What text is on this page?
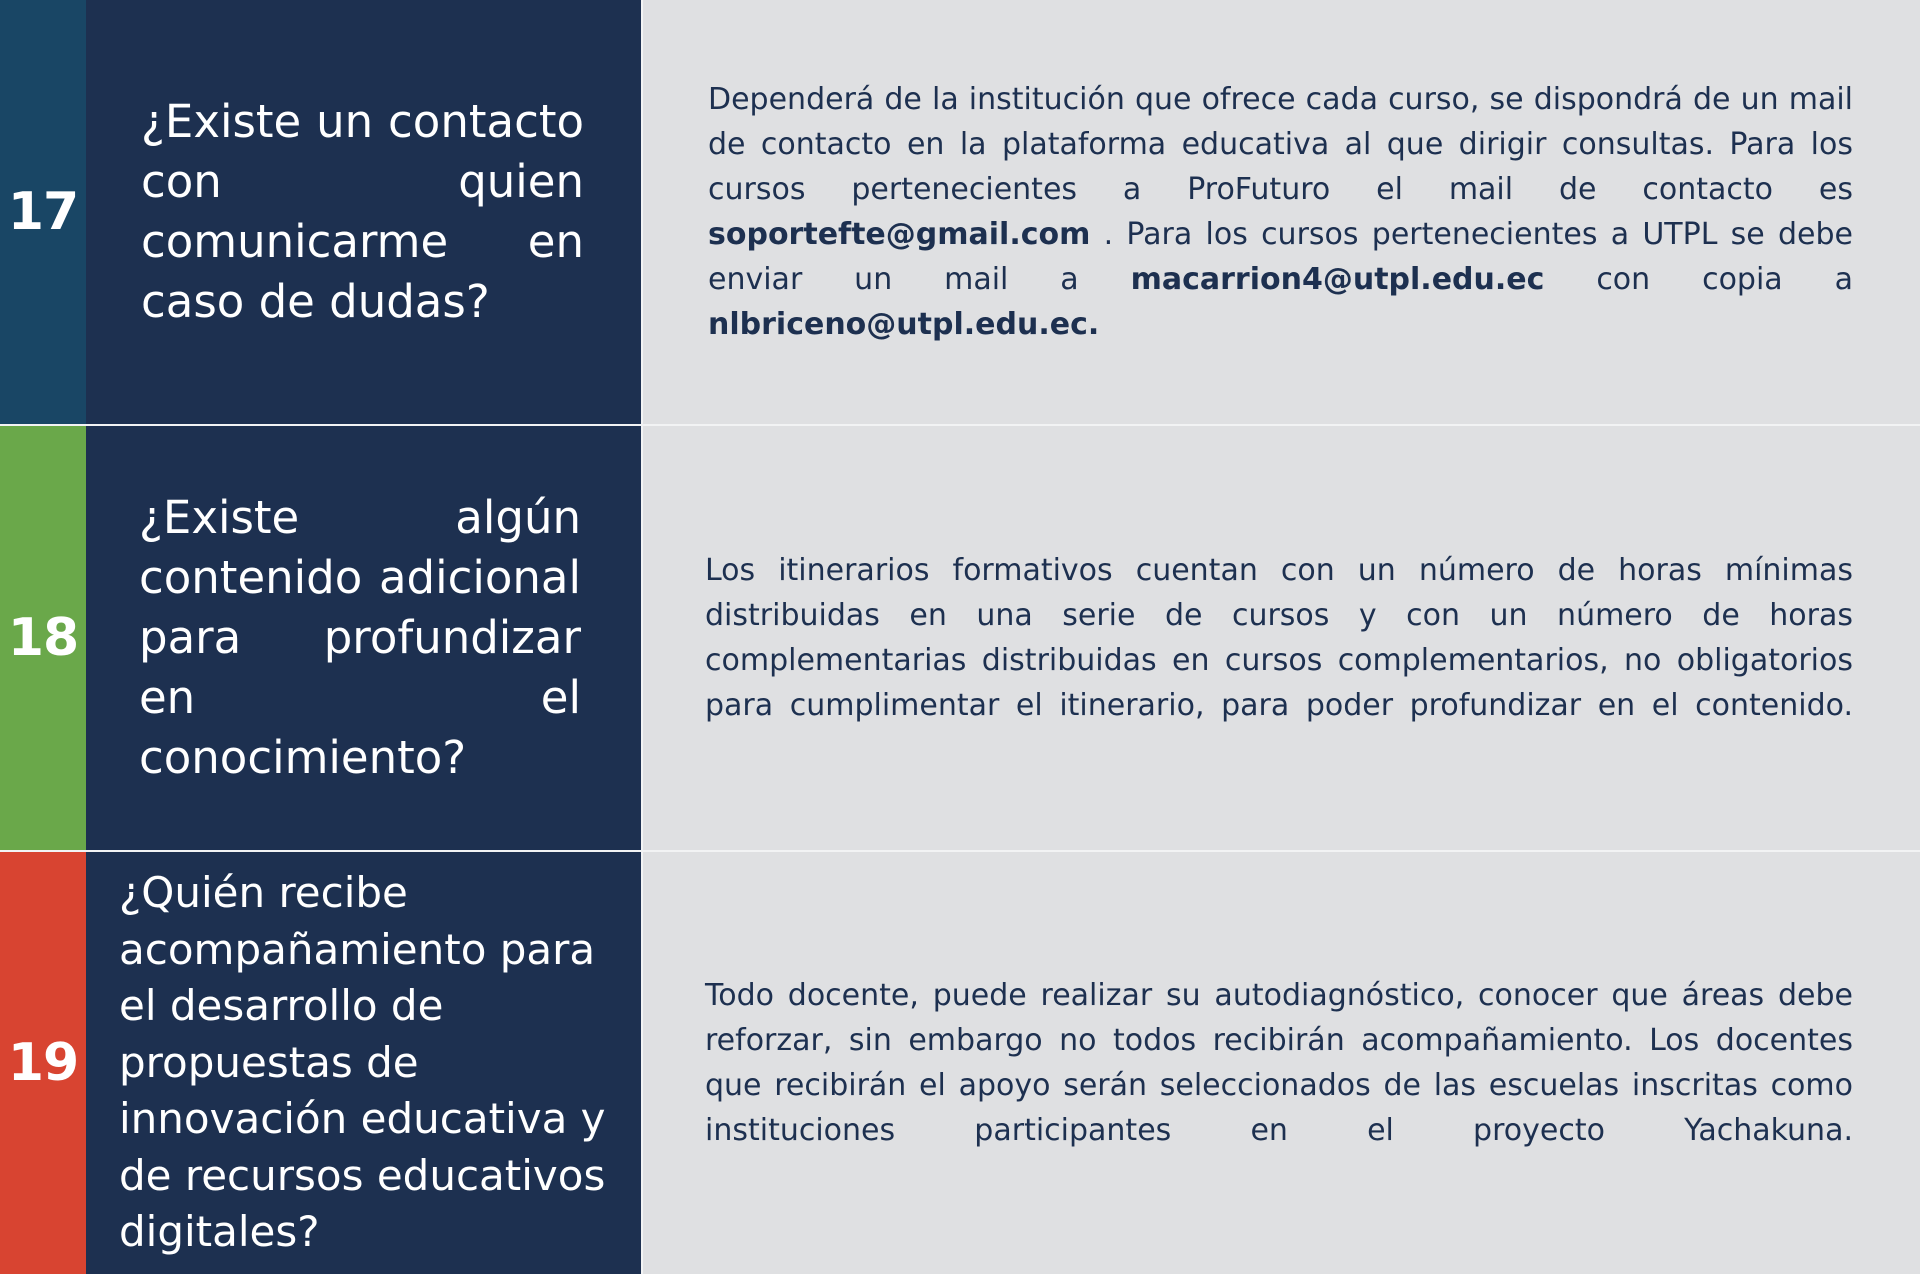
17

¿Existe un contacto con quien comunicarme en caso de dudas?

Dependerá de la institución que ofrece cada curso, se dispondrá de un mail de contacto en la plataforma educativa al que dirigir consultas. Para los cursos pertenecientes a ProFuturo el mail de contacto es soportefte@gmail.com . Para los cursos pertenecientes a UTPL se debe enviar un mail a macarrion4@utpl.edu.ec con copia a nlbriceno@utpl.edu.ec.

18

¿Existe algún contenido adicional para profundizar en el conocimiento?

Los itinerarios formativos cuentan con un número de horas mínimas distribuidas en una serie de cursos y con un número de horas complementarias distribuidas en cursos complementarios, no obligatorios para cumplimentar el itinerario, para poder profundizar en el contenido.

19

¿Quién recibe acompañamiento para el desarrollo de propuestas de innovación educativa y de recursos educativos digitales?

Todo docente, puede realizar su autodiagnóstico, conocer que áreas debe reforzar, sin embargo no todos recibirán acompañamiento. Los docentes que recibirán el apoyo serán seleccionados de las escuelas inscritas como instituciones participantes en el proyecto Yachakuna.
